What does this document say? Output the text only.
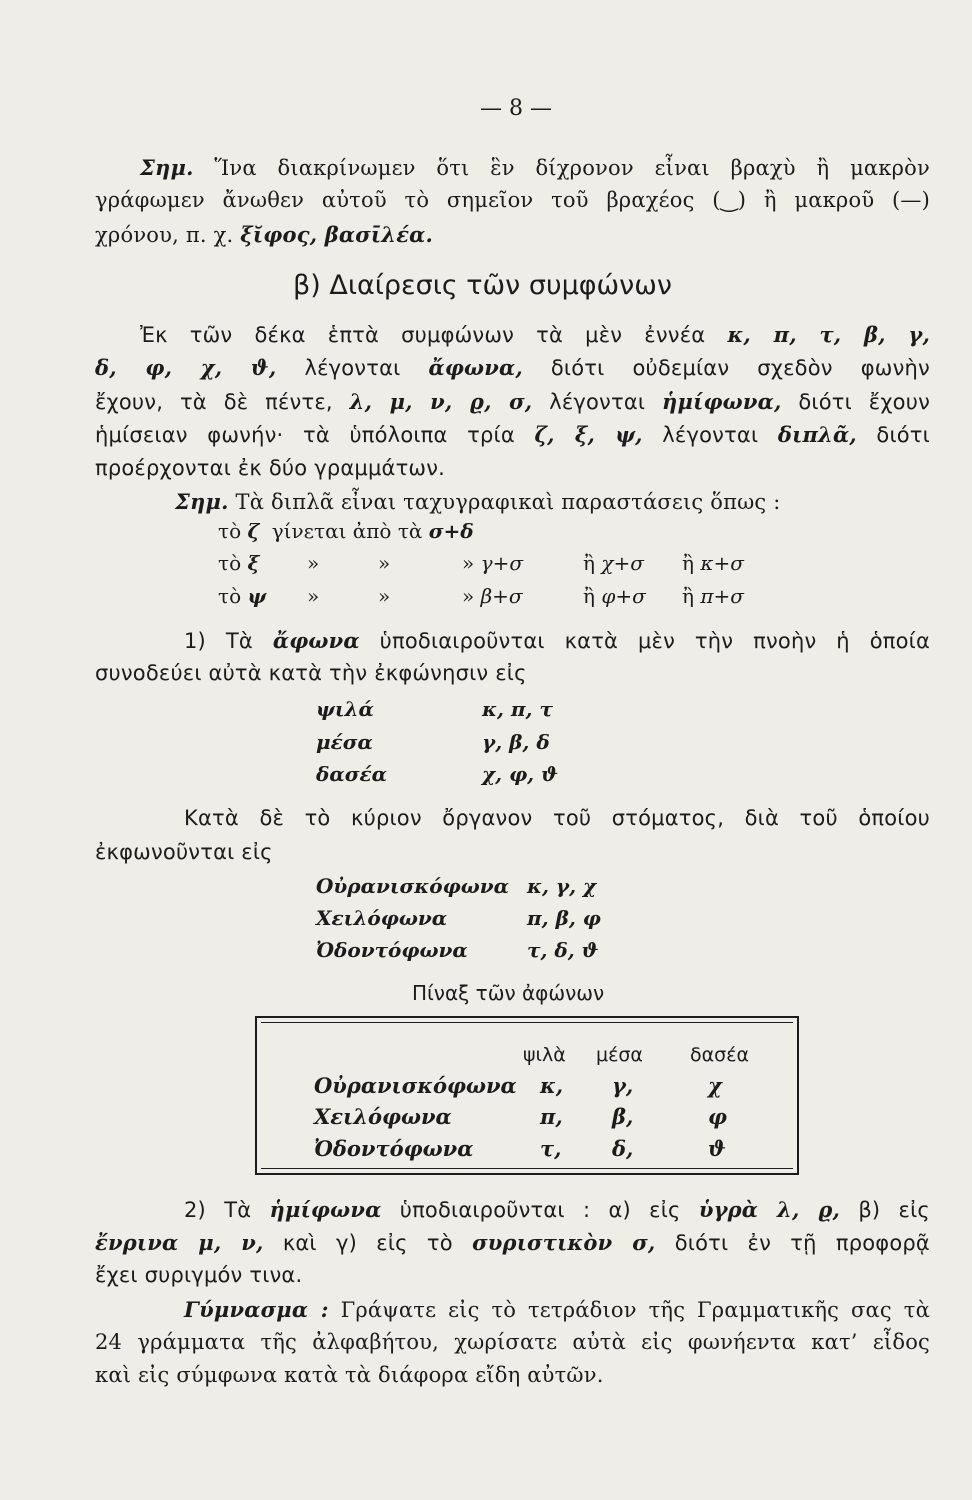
— 8 —
Σημ. Ἵνα διακρίνωμεν ὅτι ἓν δίχρονον εἶναι βραχὺ ἢ μακρὸν
γράφωμεν ἄνωθεν αὐτοῦ τὸ σημεῖον τοῦ βραχέος (‿) ἢ μακροῦ (—)
χρόνου, π. χ. ξῐφος, βασῑλέα.
β) Διαίρεσις τῶν συμφώνων
Ἐκ τῶν δέκα ἑπτὰ συμφώνων τὰ μὲν ἐννέα κ, π, τ, β, γ,
δ, φ, χ, ϑ, λέγονται ἄφωνα, διότι οὐδεμίαν σχεδὸν φωνὴν
ἔχουν, τὰ δὲ πέντε, λ, μ, ν, ϱ, σ, λέγονται ἡμίφωνα, διότι ἔχουν
ἡμίσειαν φωνήν· τὰ ὑπόλοιπα τρία ζ, ξ, ψ, λέγονται διπλᾶ, διότι
προέρχονται ἐκ δύο γραμμάτων.
Σημ. Τὰ διπλᾶ εἶναι ταχυγραφικαὶ παραστάσεις ὅπως :
τὸ ζ γίνεται ἀπὸ τὰ σ+δ
τὸ ξ »	»	» γ+σ	ἢ χ+σ ἢ κ+σ
τὸ ψ »	»	» β+σ	ἢ φ+σ ἢ π+σ
1) Τὰ ἄφωνα ὑποδιαιροῦνται κατὰ μὲν τὴν πνοὴν ἡ ὁποία
συνοδεύει αὐτὰ κατὰ τὴν ἐκφώνησιν εἰς
ψιλά	κ, π, τ
μέσα	γ, β, δ
δασέα	χ, φ, ϑ
Κατὰ δὲ τὸ κύριον ὄργανον τοῦ στόματος, διὰ τοῦ ὁποίου
ἐκφωνοῦνται εἰς
Οὐρανισκόφωνα κ, γ, χ
Χειλόφωνα	π, β, φ
Ὀδοντόφωνα	τ, δ, ϑ
Πίναξ τῶν ἀφώνων
ψιλὰ μέσα δασέα
Οὐρανισκόφωνα κ, γ,	χ
Χειλόφωνα	π, β,	φ
Ὀδοντόφωνα	τ, δ,	ϑ
2) Τὰ ἡμίφωνα ὑποδιαιροῦνται : α) εἰς ὑγρὰ λ, ϱ, β) εἰς
ἔνρινα μ, ν, καὶ γ) εἰς τὸ συριστικὸν σ, διότι ἐν τῇ προφορᾷ
ἔχει συριγμόν τινα.
Γύμνασμα : Γράψατε εἰς τὸ τετράδιον τῆς Γραμματικῆς σας τὰ
24 γράμματα τῆς ἀλφαβήτου, χωρίσατε αὐτὰ εἰς φωνήεντα κατ’ εἶδος
καὶ εἰς σύμφωνα κατὰ τὰ διάφορα εἴδη αὐτῶν.
